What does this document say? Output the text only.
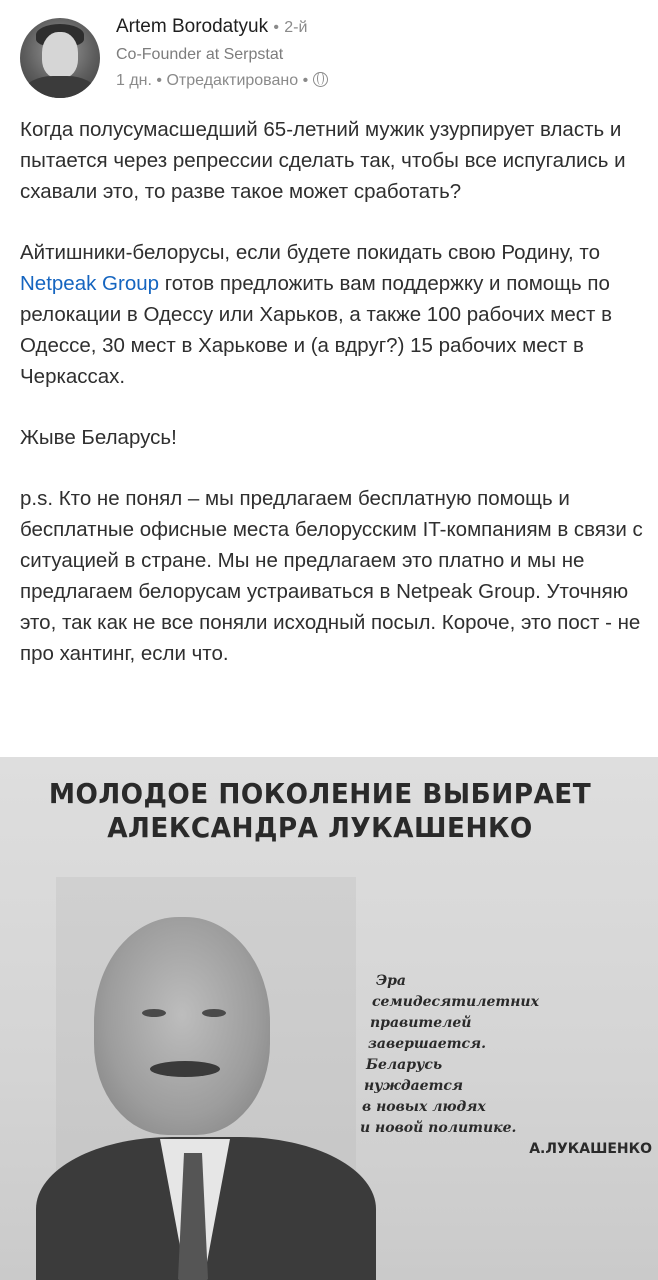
Artem Borodatyuk • 2-й
Co-Founder at Serpstat
1 дн. • Отредактировано •

Когда полусумасшедший 65-летний мужик узурпирует власть и пытается через репрессии сделать так, чтобы все испугались и схавали это, то разве такое может сработать?

Айтишники-белорусы, если будете покидать свою Родину, то Netpeak Group готов предложить вам поддержку и помощь по релокации в Одессу или Харьков, а также 100 рабочих мест в Одессе, 30 мест в Харькове и (а вдруг?) 15 рабочих мест в Черкассах.

Жыве Беларусь!

p.s. Кто не понял – мы предлагаем бесплатную помощь и бесплатные офисные места белорусским IT-компаниям в связи с ситуацией в стране. Мы не предлагаем это платно и мы не предлагаем белорусам устраиваться в Netpeak Group. Уточняю это, так как не все поняли исходный посыл. Короче, это пост - не про хантинг, если что.

МОЛОДОЕ ПОКОЛЕНИЕ ВЫБИРАЕТ
АЛЕКСАНДРА ЛУКАШЕНКО
Эра
семидесятилетних
правителей
завершается.
Беларусь
нуждается
в новых людях
и новой политике.
А.ЛУКАШЕНКО
